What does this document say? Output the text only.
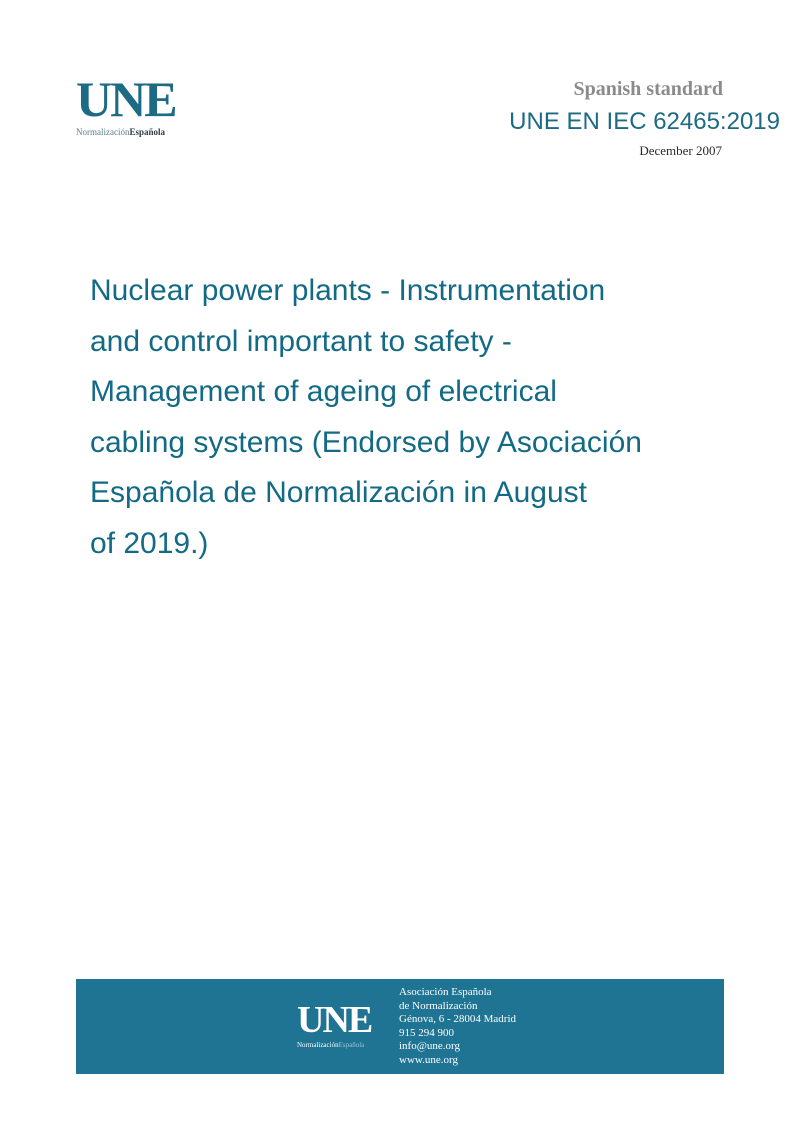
UNE
NormalizaciónEspañola
Spanish standard
UNE EN IEC 62465:2019
December 2007
Nuclear power plants - Instrumentation
and control important to safety -
Management of ageing of electrical
cabling systems (Endorsed by Asociación
Española de Normalización in August
of 2019.)
UNE
NormalizaciónEspañola
Asociación Española
de Normalización
Génova, 6 - 28004 Madrid
915 294 900
info@une.org
www.une.org
